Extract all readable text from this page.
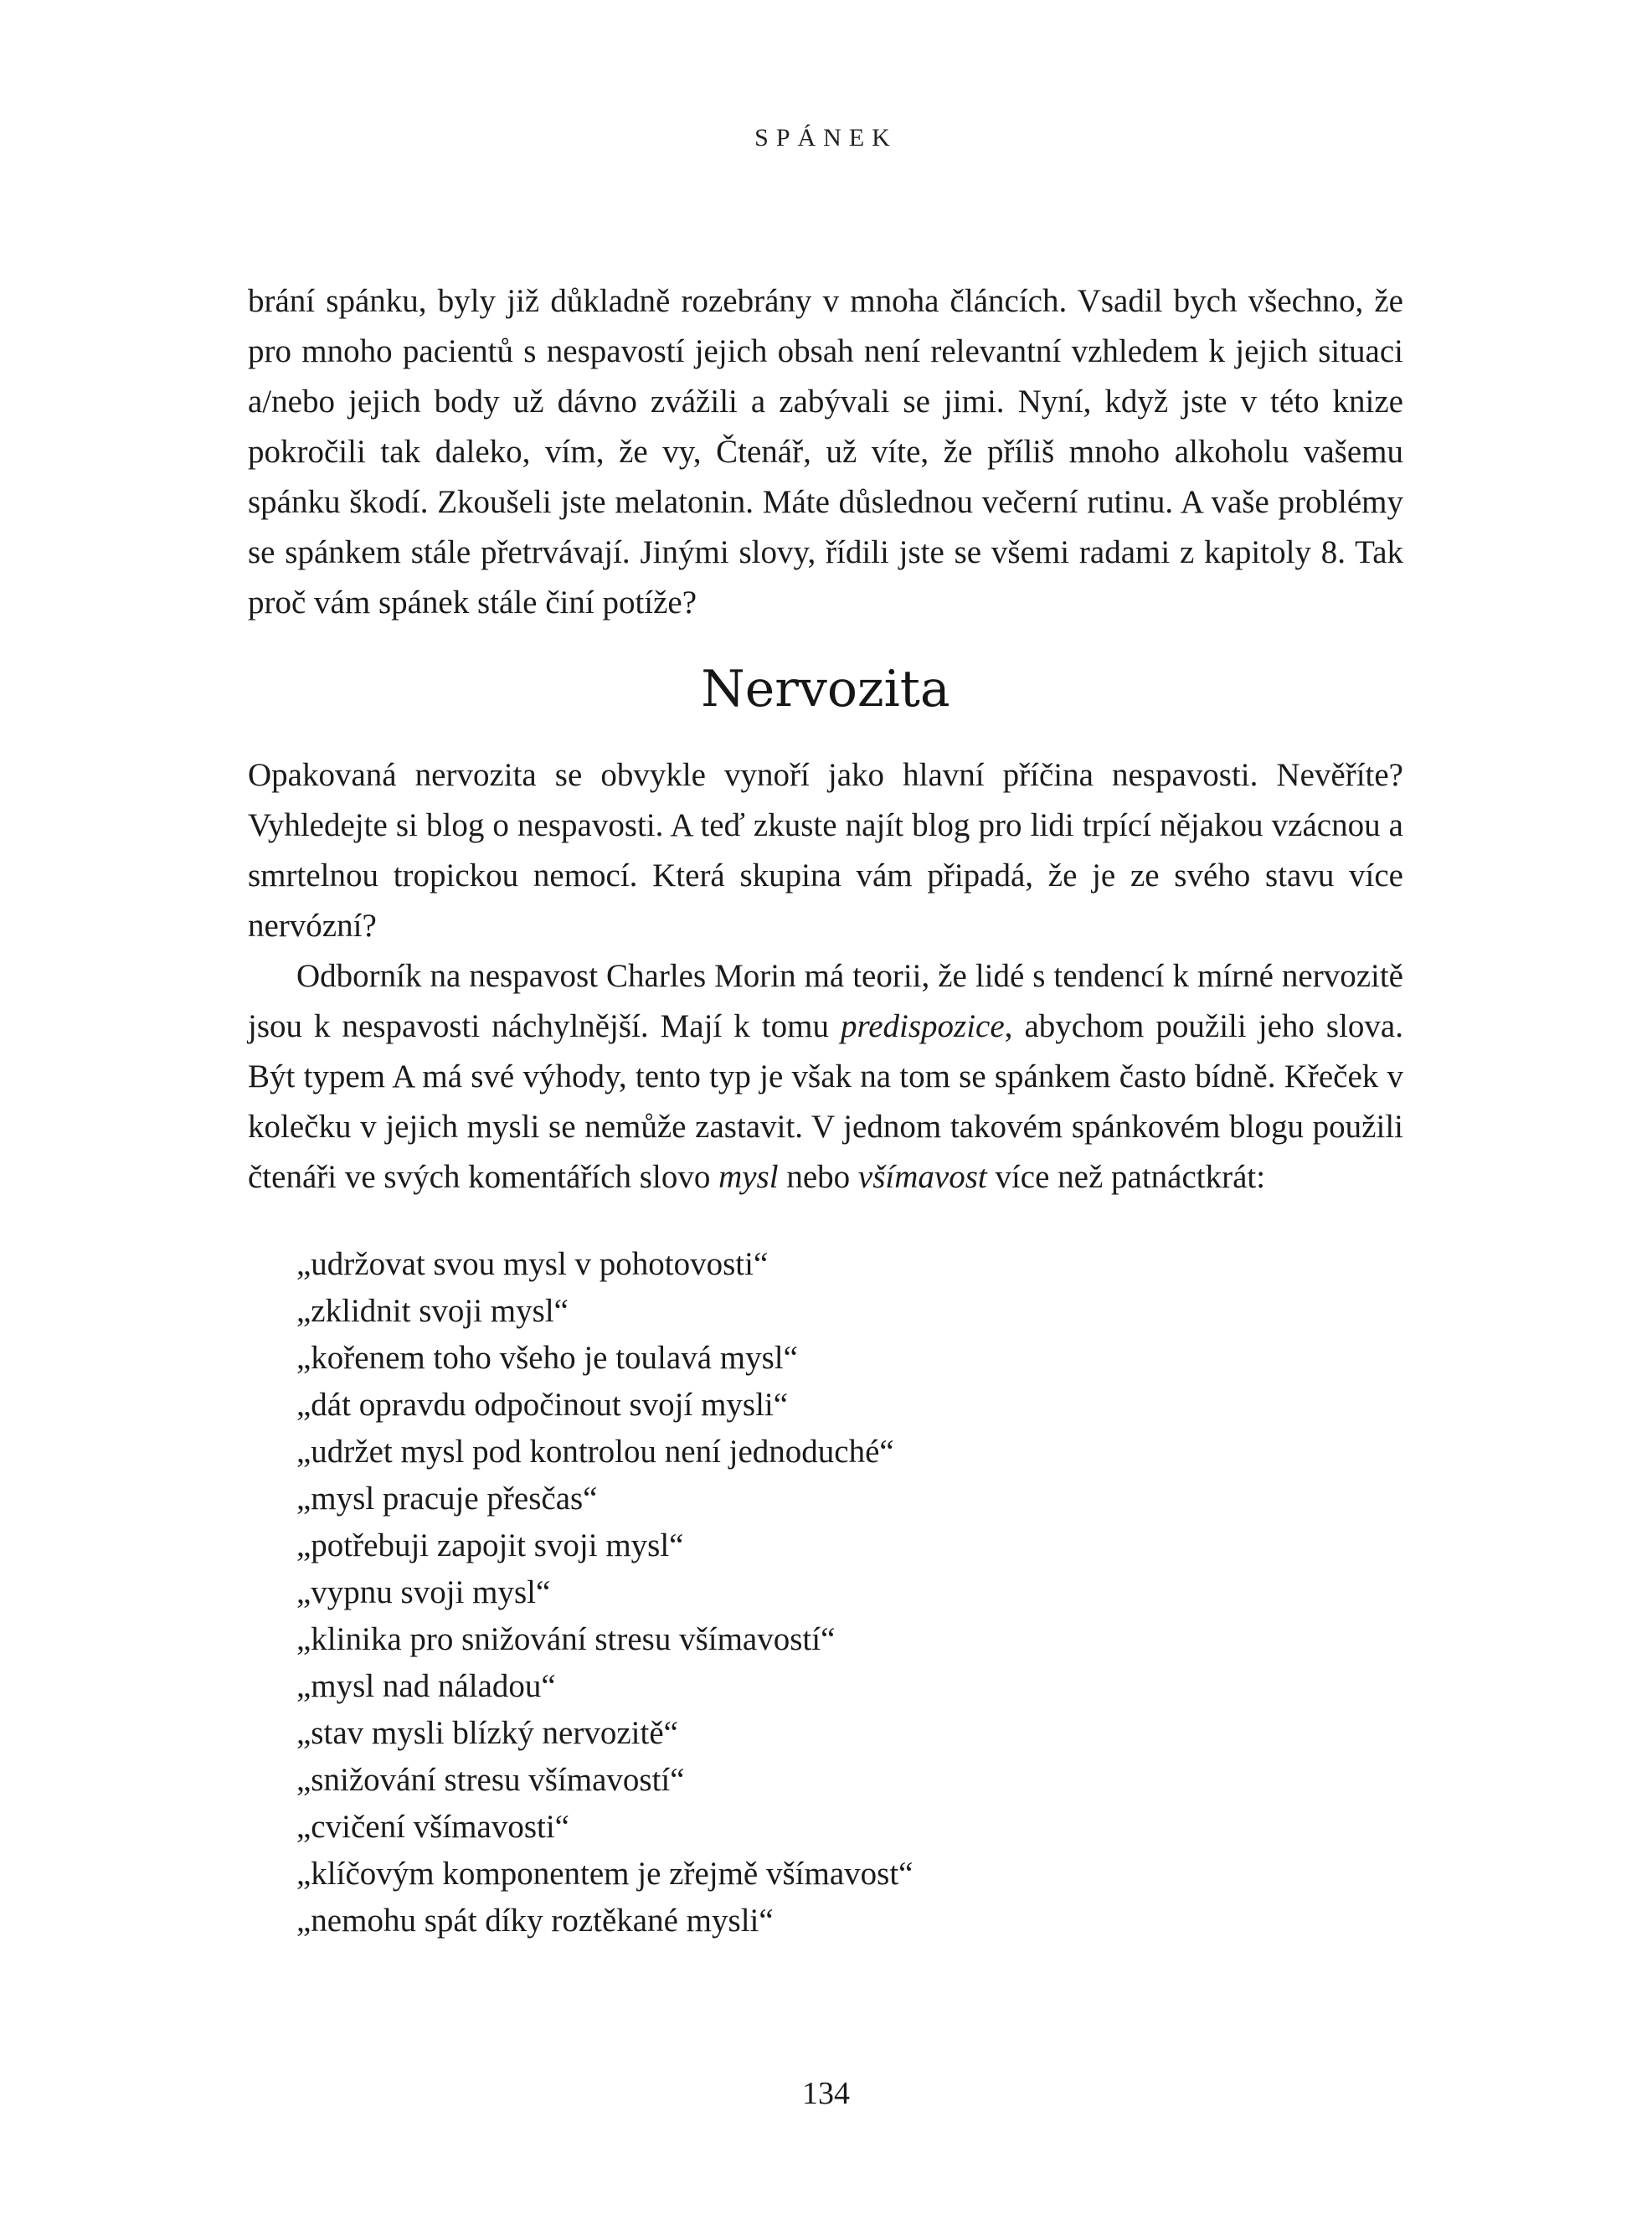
SPÁNEK

brání spánku, byly již důkladně rozebrány v mnoha článcích. Vsadil bych všechno, že pro mnoho pacientů s nespavostí jejich obsah není relevantní vzhledem k jejich situaci a/nebo jejich body už dávno zvážili a zabývali se jimi. Nyní, když jste v této knize pokročili tak daleko, vím, že vy, Čtenář, už víte, že příliš mnoho alkoholu vašemu spánku škodí. Zkoušeli jste melatonin. Máte důslednou večerní rutinu. A vaše problémy se spánkem stále přetrvávají. Jinými slovy, řídili jste se všemi radami z kapitoly 8. Tak proč vám spánek stále činí potíže?

Nervozita

Opakovaná nervozita se obvykle vynoří jako hlavní příčina nespavosti. Nevěříte? Vyhledejte si blog o nespavosti. A teď zkuste najít blog pro lidi trpící nějakou vzácnou a smrtelnou tropickou nemocí. Která skupina vám připadá, že je ze svého stavu více nervózní?

Odborník na nespavost Charles Morin má teorii, že lidé s tendencí k mírné nervozitě jsou k nespavosti náchylnější. Mají k tomu predispozice, abychom použili jeho slova. Být typem A má své výhody, tento typ je však na tom se spánkem často bídně. Křeček v kolečku v jejich mysli se nemůže zastavit. V jednom takovém spánkovém blogu použili čtenáři ve svých komentářích slovo mysl nebo všímavost více než patnáctkrát:

„udržovat svou mysl v pohotovosti“
„zklidnit svoji mysl“
„kořenem toho všeho je toulavá mysl“
„dát opravdu odpočinout svojí mysli“
„udržet mysl pod kontrolou není jednoduché“
„mysl pracuje přesčas“
„potřebuji zapojit svoji mysl“
„vypnu svoji mysl“
„klinika pro snižování stresu všímavostí“
„mysl nad náladou“
„stav mysli blízký nervozitě“
„snižování stresu všímavostí“
„cvičení všímavosti“
„klíčovým komponentem je zřejmě všímavost“
„nemohu spát díky roztěkané mysli“
134
